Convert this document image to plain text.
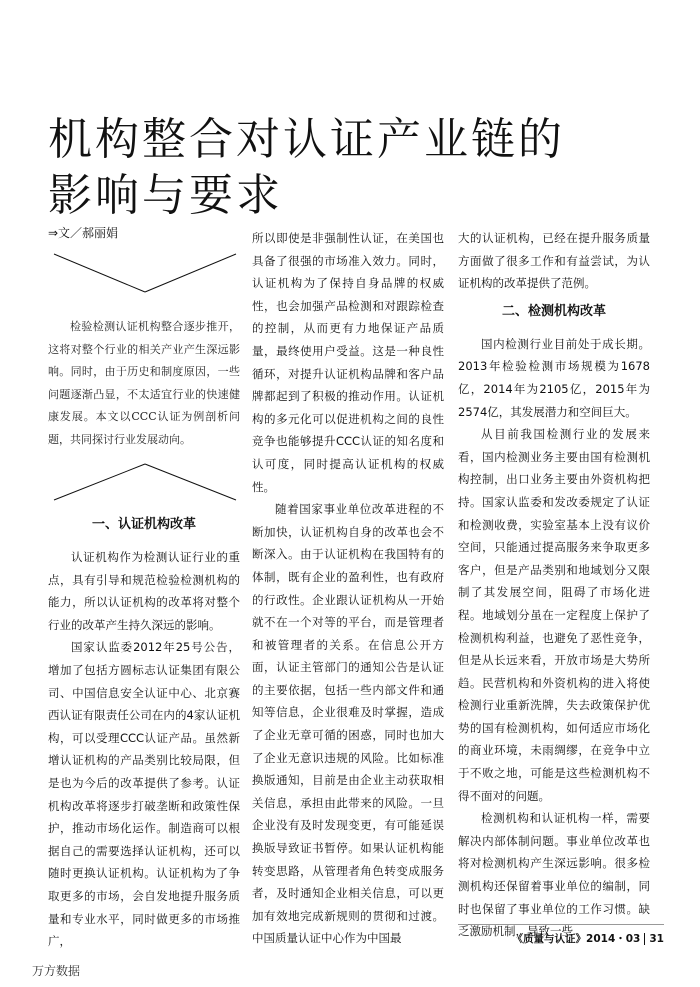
机构整合对认证产业链的
影响与要求
⇒文／郝丽娟

检验检测认证机构整合逐步推开，这将对整个行业的相关产业产生深远影响。同时，由于历史和制度原因，一些问题逐渐凸显，不太适宜行业的快速健康发展。本文以CCC认证为例剖析问题，共同探讨行业发展动向。

一、认证机构改革

认证机构作为检测认证行业的重点，具有引导和规范检验检测机构的能力，所以认证机构的改革将对整个行业的改革产生持久深远的影响。

国家认监委2012年25号公告，增加了包括方圆标志认证集团有限公司、中国信息安全认证中心、北京赛西认证有限责任公司在内的4家认证机构，可以受理CCC认证产品。虽然新增认证机构的产品类别比较局限，但是也为今后的改革提供了参考。认证机构改革将逐步打破垄断和政策性保护，推动市场化运作。制造商可以根据自己的需要选择认证机构，还可以随时更换认证机构。认证机构为了争取更多的市场，会自发地提升服务质量和专业水平，同时做更多的市场推广，

所以即使是非强制性认证，在美国也具备了很强的市场准入效力。同时，认证机构为了保持自身品牌的权威性，也会加强产品检测和对跟踪检查的控制，从而更有力地保证产品质量，最终使用户受益。这是一种良性循环，对提升认证机构品牌和客户品牌都起到了积极的推动作用。认证机构的多元化可以促进机构之间的良性竞争也能够提升CCC认证的知名度和认可度，同时提高认证机构的权威性。

随着国家事业单位改革进程的不断加快，认证机构自身的改革也会不断深入。由于认证机构在我国特有的体制，既有企业的盈利性，也有政府的行政性。企业跟认证机构从一开始就不在一个对等的平台，而是管理者和被管理者的关系。在信息公开方面，认证主管部门的通知公告是认证的主要依据，包括一些内部文件和通知等信息，企业很难及时掌握，造成了企业无章可循的困惑，同时也加大了企业无意识违规的风险。比如标准换版通知，目前是由企业主动获取相关信息，承担由此带来的风险。一旦企业没有及时发现变更，有可能延误换版导致证书暂停。如果认证机构能转变思路，从管理者角色转变成服务者，及时通知企业相关信息，可以更加有效地完成新规则的贯彻和过渡。中国质量认证中心作为中国最

大的认证机构，已经在提升服务质量方面做了很多工作和有益尝试，为认证机构的改革提供了范例。

二、检测机构改革

国内检测行业目前处于成长期。2013年检验检测市场规模为1678亿，2014年为2105亿，2015年为2574亿，其发展潜力和空间巨大。

从目前我国检测行业的发展来看，国内检测业务主要由国有检测机构控制，出口业务主要由外资机构把持。国家认监委和发改委规定了认证和检测收费，实验室基本上没有议价空间，只能通过提高服务来争取更多客户，但是产品类别和地域划分又限制了其发展空间，阻碍了市场化进程。地域划分虽在一定程度上保护了检测机构利益，也避免了恶性竞争，但是从长远来看，开放市场是大势所趋。民营机构和外资机构的进入将使检测行业重新洗牌，失去政策保护优势的国有检测机构，如何适应市场化的商业环境，未雨绸缪，在竞争中立于不败之地，可能是这些检测机构不得不面对的问题。

检测机构和认证机构一样，需要解决内部体制问题。事业单位改革也将对检测机构产生深远影响。很多检测机构还保留着事业单位的编制，同时也保留了事业单位的工作习惯。缺乏激励机制，导致一些

《质量与认证》2014・03 31
万方数据
